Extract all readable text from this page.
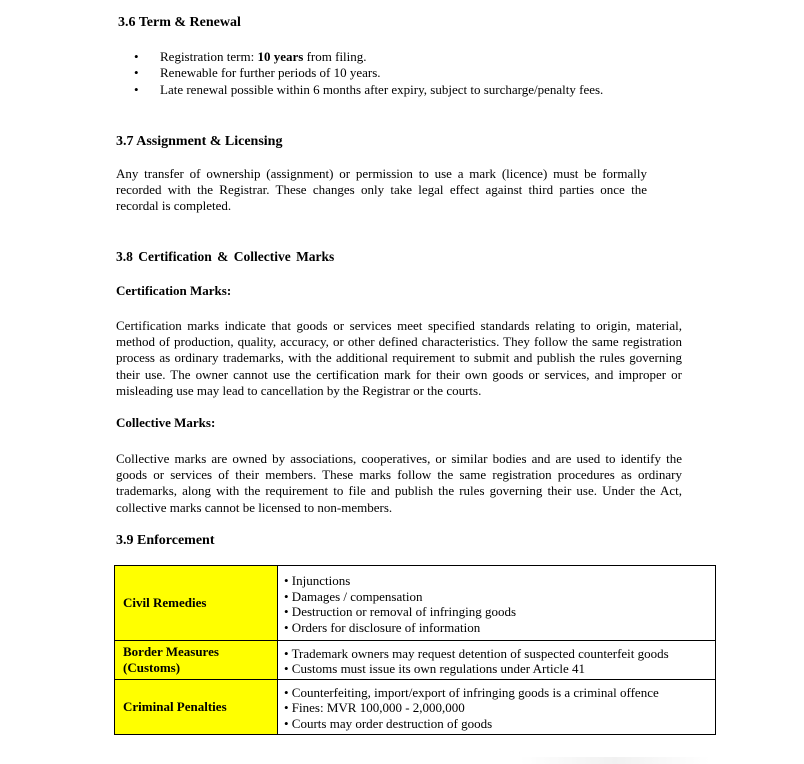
3.6 Term & Renewal
• Registration term: 10 years from filing.
• Renewable for further periods of 10 years.
• Late renewal possible within 6 months after expiry, subject to surcharge/penalty fees.
3.7 Assignment & Licensing

Any transfer of ownership (assignment) or permission to use a mark (licence) must be formally recorded with the Registrar. These changes only take legal effect against third parties once the recordal is completed.

3.8 Certification & Collective Marks
Certification Marks:

Certification marks indicate that goods or services meet specified standards relating to origin, material, method of production, quality, accuracy, or other defined characteristics. They follow the same registration process as ordinary trademarks, with the additional requirement to submit and publish the rules governing their use. The owner cannot use the certification mark for their own goods or services, and improper or misleading use may lead to cancellation by the Registrar or the courts.

Collective Marks:

Collective marks are owned by associations, cooperatives, or similar bodies and are used to identify the goods or services of their members. These marks follow the same registration procedures as ordinary trademarks, along with the requirement to file and publish the rules governing their use. Under the Act, collective marks cannot be licensed to non-members.

3.9 Enforcement
Civil Remedies	• Injunctions
• Damages / compensation
• Destruction or removal of infringing goods
• Orders for disclosure of information

Border Measures (Customs)	• Trademark owners may request detention of suspected counterfeit goods
• Customs must issue its own regulations under Article 41

Criminal Penalties	• Counterfeiting, import/export of infringing goods is a criminal offence
• Fines: MVR 100,000 - 2,000,000
• Courts may order destruction of goods
